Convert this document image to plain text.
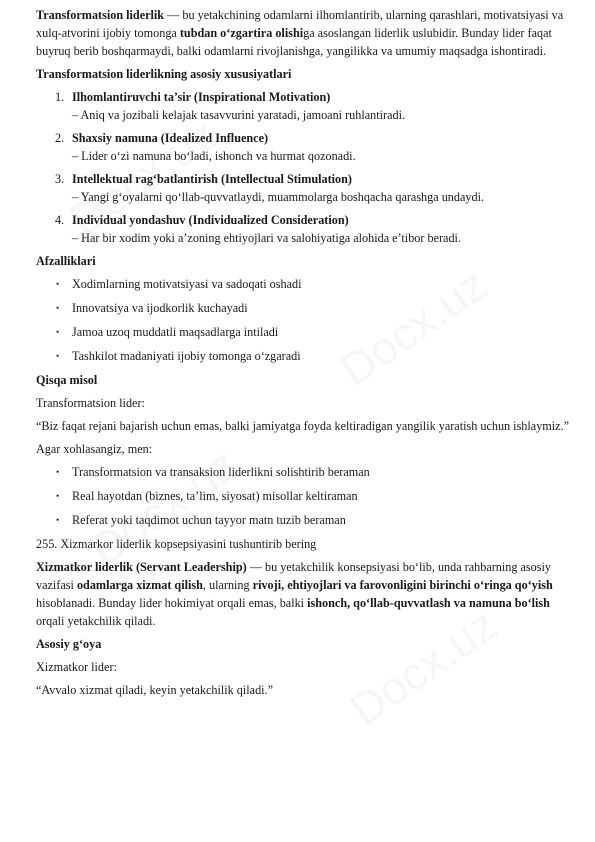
Transformatsion liderlik — bu yetakchining odamlarni ilhomlantirib, ularning qarashlari, motivatsiyasi va xulq-atvorini ijobiy tomonga tubdan o‘zgartira olishiga asoslangan liderlik uslubidir. Bunday lider faqat buyruq berib boshqarmaydi, balki odamlarni rivojlanishga, yangilikka va umumiy maqsadga ishontiradi.

Transformatsion liderlikning asosiy xususiyatlari

1. Ilhomlantiruvchi ta’sir (Inspirational Motivation)
– Aniq va jozibali kelajak tasavvurini yaratadi, jamoani ruhlantiradi.
2. Shaxsiy namuna (Idealized Influence)
– Lider o‘zi namuna bo‘ladi, ishonch va hurmat qozonadi.
3. Intellektual rag‘batlantirish (Intellectual Stimulation)
– Yangi g‘oyalarni qo‘llab-quvvatlaydi, muammolarga boshqacha qarashga undaydi.
4. Individual yondashuv (Individualized Consideration)
– Har bir xodim yoki a’zoning ehtiyojlari va salohiyatiga alohida e’tibor beradi.

Afzalliklari

• Xodimlarning motivatsiyasi va sadoqati oshadi
• Innovatsiya va ijodkorlik kuchayadi
• Jamoa uzoq muddatli maqsadlarga intiladi
• Tashkilot madaniyati ijobiy tomonga o‘zgaradi

Qisqa misol

Transformatsion lider:

“Biz faqat rejani bajarish uchun emas, balki jamiyatga foyda keltiradigan yangilik yaratish uchun ishlaymiz.”

Agar xohlasangiz, men:

• Transformatsion va transaksion liderlikni solishtirib beraman
• Real hayotdan (biznes, ta’lim, siyosat) misollar keltiraman
• Referat yoki taqdimot uchun tayyor matn tuzib beraman

255. Xizmarkor liderlik kopsepsiyasini tushuntirib bering

Xizmatkor liderlik (Servant Leadership) — bu yetakchilik konsepsiyasi bo‘lib, unda rahbarning asosiy vazifasi odamlarga xizmat qilish, ularning rivoji, ehtiyojlari va farovonligini birinchi o‘ringa qo‘yish hisoblanadi. Bunday lider hokimiyat orqali emas, balki ishonch, qo‘llab-quvvatlash va namuna bo‘lish orqali yetakchilik qiladi.

Asosiy g‘oya

Xizmatkor lider:

“Avvalo xizmat qiladi, keyin yetakchilik qiladi.”
